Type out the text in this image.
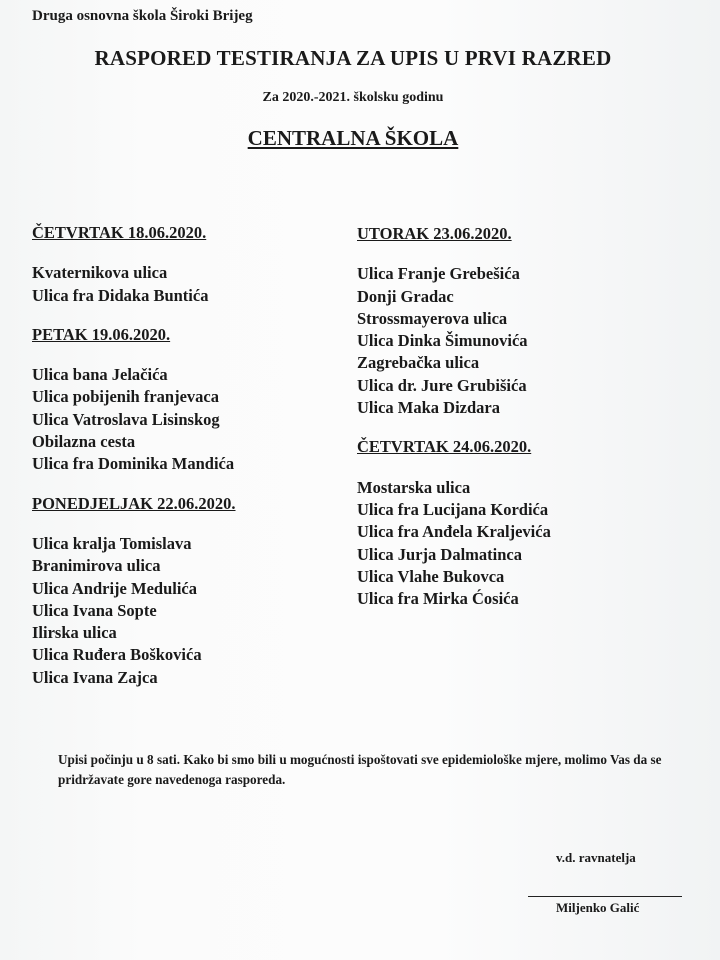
Druga osnovna škola Široki Brijeg
RASPORED TESTIRANJA ZA UPIS U PRVI RAZRED
Za 2020.-2021. školsku godinu
CENTRALNA ŠKOLA
ČETVRTAK 18.06.2020.
Kvaternikova ulica
Ulica fra Didaka Buntića
PETAK 19.06.2020.
Ulica bana Jelačića
Ulica pobijenih franjevaca
Ulica Vatroslava Lisinskog
Obilazna cesta
Ulica fra Dominika Mandića
PONEDJELJAK 22.06.2020.
Ulica kralja Tomislava
Branimirova ulica
Ulica Andrije Medulića
Ulica Ivana Sopte
Ilirska ulica
Ulica Ruđera Boškovića
Ulica Ivana Zajca
UTORAK 23.06.2020.
Ulica Franje Grebešića
Donji Gradac
Strossmayerova ulica
Ulica Dinka Šimunovića
Zagrebačka ulica
Ulica dr. Jure Grubišića
Ulica Maka Dizdara
ČETVRTAK 24.06.2020.
Mostarska ulica
Ulica fra Lucijana Kordića
Ulica fra Anđela Kraljevića
Ulica Jurja Dalmatinca
Ulica Vlahe Bukovca
Ulica fra Mirka Ćosića
Upisi počinju u 8 sati. Kako bi smo bili u mogućnosti ispoštovati sve epidemiološke mjere, molimo Vas da se pridržavate gore navedenoga rasporeda.
v.d. ravnatelja
Miljenko Galić
